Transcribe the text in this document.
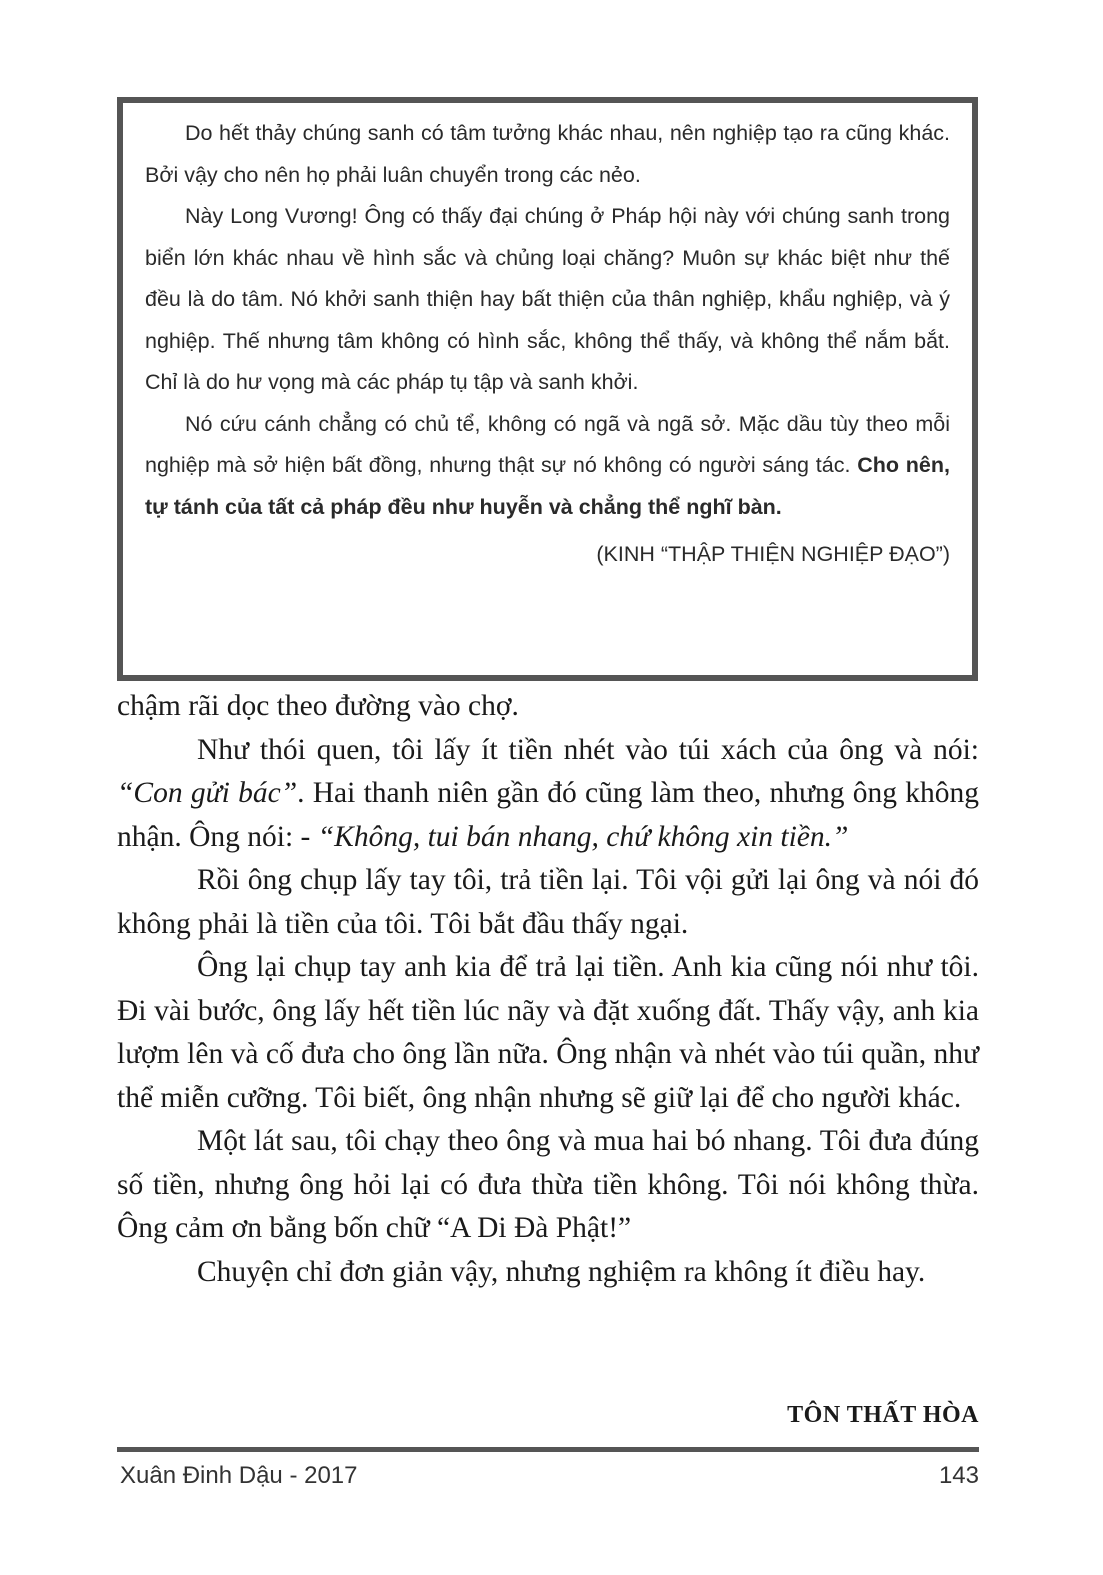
Do hết thảy chúng sanh có tâm tưởng khác nhau, nên nghiệp tạo ra cũng khác. Bởi vậy cho nên họ phải luân chuyển trong các nẻo.

Này Long Vương! Ông có thấy đại chúng ở Pháp hội này với chúng sanh trong biển lớn khác nhau về hình sắc và chủng loại chăng? Muôn sự khác biệt như thế đều là do tâm. Nó khởi sanh thiện hay bất thiện của thân nghiệp, khẩu nghiệp, và ý nghiệp. Thế nhưng tâm không có hình sắc, không thể thấy, và không thể nắm bắt. Chỉ là do hư vọng mà các pháp tụ tập và sanh khởi.

Nó cứu cánh chẳng có chủ tể, không có ngã và ngã sở. Mặc dầu tùy theo mỗi nghiệp mà sở hiện bất đồng, nhưng thật sự nó không có người sáng tác. Cho nên, tự tánh của tất cả pháp đều như huyễn và chẳng thể nghĩ bàn.

(KINH “THẬP THIỆN NGHIỆP ĐẠO”)

chậm rãi dọc theo đường vào chợ.

Như thói quen, tôi lấy ít tiền nhét vào túi xách của ông và nói: “Con gửi bác”. Hai thanh niên gần đó cũng làm theo, nhưng ông không nhận. Ông nói: - “Không, tui bán nhang, chứ không xin tiền.”

Rồi ông chụp lấy tay tôi, trả tiền lại. Tôi vội gửi lại ông và nói đó không phải là tiền của tôi. Tôi bắt đầu thấy ngại.

Ông lại chụp tay anh kia để trả lại tiền. Anh kia cũng nói như tôi. Đi vài bước, ông lấy hết tiền lúc nãy và đặt xuống đất. Thấy vậy, anh kia lượm lên và cố đưa cho ông lần nữa. Ông nhận và nhét vào túi quần, như thể miễn cưỡng. Tôi biết, ông nhận nhưng sẽ giữ lại để cho người khác.

Một lát sau, tôi chạy theo ông và mua hai bó nhang. Tôi đưa đúng số tiền, nhưng ông hỏi lại có đưa thừa tiền không. Tôi nói không thừa. Ông cảm ơn bằng bốn chữ “A Di Đà Phật!”

Chuyện chỉ đơn giản vậy, nhưng nghiệm ra không ít điều hay.

TÔN THẤT HÒA
Xuân Đinh Dậu - 2017	143
